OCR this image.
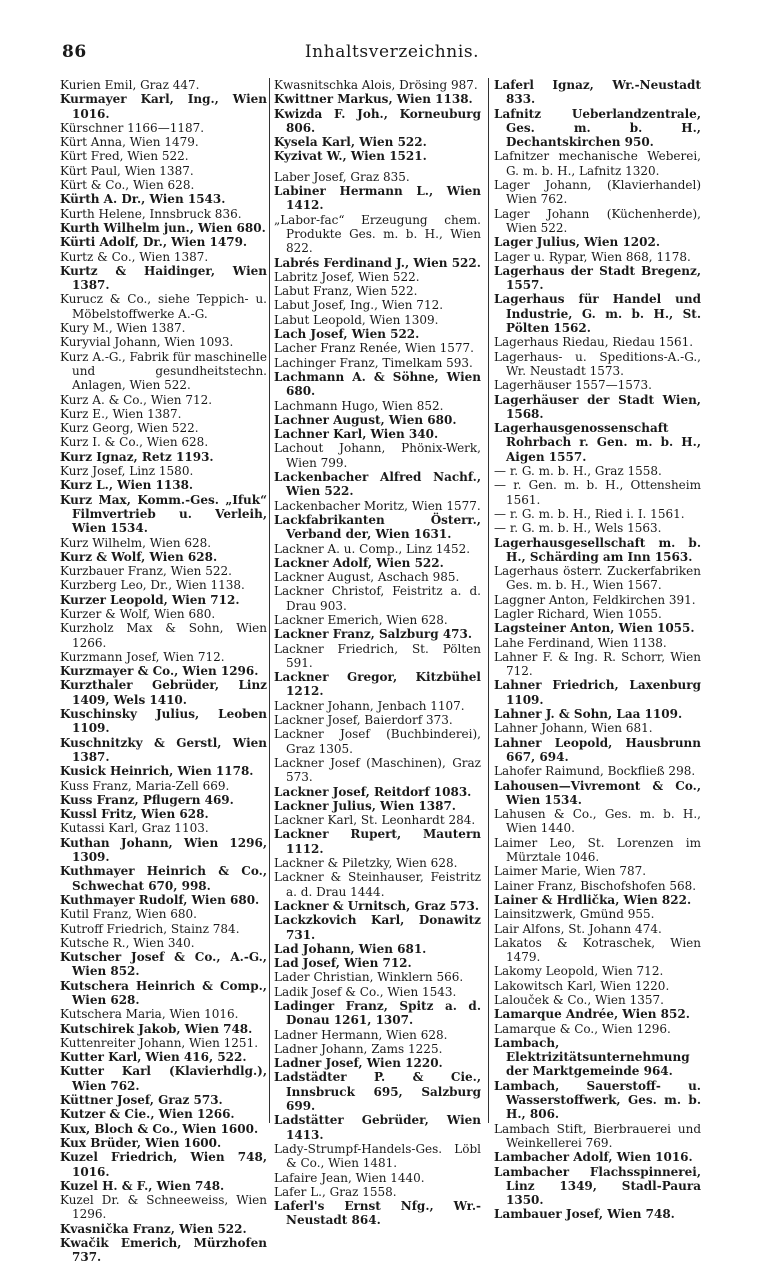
86	Inhaltsverzeichnis.

Kurien Emil, Graz 447.

Kurmayer Karl, Ing., Wien 1016.

Kürschner 1166—1187.

Kürt Anna, Wien 1479.

Kürt Fred, Wien 522.

Kürt Paul, Wien 1387.

Kürt & Co., Wien 628.

Kürth A. Dr., Wien 1543.

Kurth Helene, Innsbruck 836.

Kurth Wilhelm jun., Wien 680.

Kürti Adolf, Dr., Wien 1479.

Kurtz & Co., Wien 1387.

Kurtz & Haidinger, Wien 1387.

Kurucz & Co., siehe Teppich- u. Möbelstoffwerke A.-G.

Kury M., Wien 1387.

Kuryvial Johann, Wien 1093.

Kurz A.-G., Fabrik für maschinelle und gesundheitstechn. Anlagen, Wien 522.

Kurz A. & Co., Wien 712.

Kurz E., Wien 1387.

Kurz Georg, Wien 522.

Kurz I. & Co., Wien 628.

Kurz Ignaz, Retz 1193.

Kurz Josef, Linz 1580.

Kurz L., Wien 1138.

Kurz Max, Komm.-Ges. „Ifuk“ Filmvertrieb u. Verleih, Wien 1534.

Kurz Wilhelm, Wien 628.

Kurz & Wolf, Wien 628.

Kurzbauer Franz, Wien 522.

Kurzberg Leo, Dr., Wien 1138.

Kurzer Leopold, Wien 712.

Kurzer & Wolf, Wien 680.

Kurzholz Max & Sohn, Wien 1266.

Kurzmann Josef, Wien 712.

Kurzmayer & Co., Wien 1296.

Kurzthaler Gebrüder, Linz 1409, Wels 1410.

Kuschinsky Julius, Leoben 1109.

Kuschnitzky & Gerstl, Wien 1387.

Kusick Heinrich, Wien 1178.

Kuss Franz, Maria-Zell 669.

Kuss Franz, Pflugern 469.

Kussl Fritz, Wien 628.

Kutassi Karl, Graz 1103.

Kuthan Johann, Wien 1296, 1309.

Kuthmayer Heinrich & Co., Schwechat 670, 998.

Kuthmayer Rudolf, Wien 680.

Kutil Franz, Wien 680.

Kutroff Friedrich, Stainz 784.

Kutsche R., Wien 340.

Kutscher Josef & Co., A.-G., Wien 852.

Kutschera Heinrich & Comp., Wien 628.

Kutschera Maria, Wien 1016.

Kutschirek Jakob, Wien 748.

Kuttenreiter Johann, Wien 1251.

Kutter Karl, Wien 416, 522.

Kutter Karl (Klavierhdlg.), Wien 762.

Küttner Josef, Graz 573.

Kutzer & Cie., Wien 1266.

Kux, Bloch & Co., Wien 1600.

Kux Brüder, Wien 1600.

Kuzel Friedrich, Wien 748, 1016.

Kuzel H. & F., Wien 748.

Kuzel Dr. & Schneeweiss, Wien 1296.

Kvasnička Franz, Wien 522.

Kwačik Emerich, Mürzhofen 737.

Kwasnitschka Alois, Drösing 987.

Kwittner Markus, Wien 1138.

Kwizda F. Joh., Korneuburg 806.

Kysela Karl, Wien 522.

Kyzivat W., Wien 1521.

Laber Josef, Graz 835.

Labiner Hermann L., Wien 1412.

„Labor-fac“ Erzeugung chem. Produkte Ges. m. b. H., Wien 822.

Labrés Ferdinand J., Wien 522.

Labritz Josef, Wien 522.

Labut Franz, Wien 522.

Labut Josef, Ing., Wien 712.

Labut Leopold, Wien 1309.

Lach Josef, Wien 522.

Lacher Franz Renée, Wien 1577.

Lachinger Franz, Timelkam 593.

Lachmann A. & Söhne, Wien 680.

Lachmann Hugo, Wien 852.

Lachner August, Wien 680.

Lachner Karl, Wien 340.

Lachout Johann, Phönix-Werk, Wien 799.

Lackenbacher Alfred Nachf., Wien 522.

Lackenbacher Moritz, Wien 1577.

Lackfabrikanten Österr., Verband der, Wien 1631.

Lackner A. u. Comp., Linz 1452.

Lackner Adolf, Wien 522.

Lackner August, Aschach 985.

Lackner Christof, Feistritz a. d. Drau 903.

Lackner Emerich, Wien 628.

Lackner Franz, Salzburg 473.

Lackner Friedrich, St. Pölten 591.

Lackner Gregor, Kitzbühel 1212.

Lackner Johann, Jenbach 1107.

Lackner Josef, Baierdorf 373.

Lackner Josef (Buchbinderei), Graz 1305.

Lackner Josef (Maschinen), Graz 573.

Lackner Josef, Reitdorf 1083.

Lackner Julius, Wien 1387.

Lackner Karl, St. Leonhardt 284.

Lackner Rupert, Mautern 1112.

Lackner & Piletzky, Wien 628.

Lackner & Steinhauser, Feistritz a. d. Drau 1444.

Lackner & Urnitsch, Graz 573.

Lackzkovich Karl, Donawitz 731.

Lad Johann, Wien 681.

Lad Josef, Wien 712.

Lader Christian, Winklern 566.

Ladik Josef & Co., Wien 1543.

Ladinger Franz, Spitz a. d. Donau 1261, 1307.

Ladner Hermann, Wien 628.

Ladner Johann, Zams 1225.

Ladner Josef, Wien 1220.

Ladstädter P. & Cie., Innsbruck 695, Salzburg 699.

Ladstätter Gebrüder, Wien 1413.

Lady-Strumpf-Handels-Ges. Löbl & Co., Wien 1481.

Lafaire Jean, Wien 1440.

Lafer L., Graz 1558.

Laferl's Ernst Nfg., Wr.-Neustadt 864.

Laferl Ignaz, Wr.-Neustadt 833.

Lafnitz Ueberlandzentrale, Ges. m. b. H., Dechantskirchen 950.

Lafnitzer mechanische Weberei, G. m. b. H., Lafnitz 1320.

Lager Johann, (Klavierhandel) Wien 762.

Lager Johann (Küchenherde), Wien 522.

Lager Julius, Wien 1202.

Lager u. Rypar, Wien 868, 1178.

Lagerhaus der Stadt Bregenz, 1557.

Lagerhaus für Handel und Industrie, G. m. b. H., St. Pölten 1562.

Lagerhaus Riedau, Riedau 1561.

Lagerhaus- u. Speditions-A.-G., Wr. Neustadt 1573.

Lagerhäuser 1557—1573.

Lagerhäuser der Stadt Wien, 1568.

Lagerhausgenossenschaft Rohrbach r. Gen. m. b. H., Aigen 1557.

— r. G. m. b. H., Graz 1558.

— r. Gen. m. b. H., Ottensheim 1561.

— r. G. m. b. H., Ried i. I. 1561.

— r. G. m. b. H., Wels 1563.

Lagerhausgesellschaft m. b. H., Schärding am Inn 1563.

Lagerhaus österr. Zuckerfabriken Ges. m. b. H., Wien 1567.

Laggner Anton, Feldkirchen 391.

Lagler Richard, Wien 1055.

Lagsteiner Anton, Wien 1055.

Lahe Ferdinand, Wien 1138.

Lahner F. & Ing. R. Schorr, Wien 712.

Lahner Friedrich, Laxenburg 1109.

Lahner J. & Sohn, Laa 1109.

Lahner Johann, Wien 681.

Lahner Leopold, Hausbrunn 667, 694.

Lahofer Raimund, Bockfließ 298.

Lahousen—Vivremont & Co., Wien 1534.

Lahusen & Co., Ges. m. b. H., Wien 1440.

Laimer Leo, St. Lorenzen im Mürztale 1046.

Laimer Marie, Wien 787.

Lainer Franz, Bischofshofen 568.

Lainer & Hrdlička, Wien 822.

Lainsitzwerk, Gmünd 955.

Lair Alfons, St. Johann 474.

Lakatos & Kotraschek, Wien 1479.

Lakomy Leopold, Wien 712.

Lakowitsch Karl, Wien 1220.

Lalouček & Co., Wien 1357.

Lamarque Andrée, Wien 852.

Lamarque & Co., Wien 1296.

Lambach, Elektrizitätsunternehmung der Marktgemeinde 964.

Lambach, Sauerstoff- u. Wasserstoffwerk, Ges. m. b. H., 806.

Lambach Stift, Bierbrauerei und Weinkellerei 769.

Lambacher Adolf, Wien 1016.

Lambacher Flachsspinnerei, Linz 1349, Stadl-Paura 1350.

Lambauer Josef, Wien 748.
